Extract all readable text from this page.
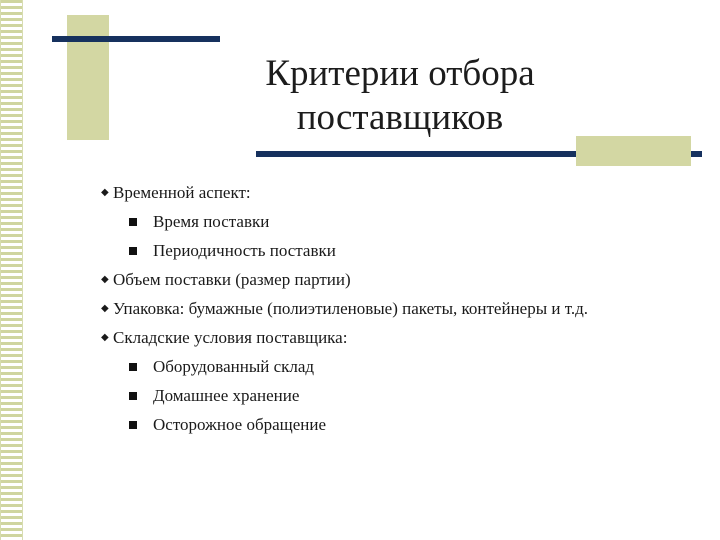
Критерии отбора
поставщиков
◆ Временной аспект:
Время поставки
Периодичность поставки
◆ Объем поставки (размер партии)
◆ Упаковка: бумажные (полиэтиленовые) пакеты, контейнеры и т.д.
◆ Складские условия поставщика:
Оборудованный склад
Домашнее хранение
Осторожное обращение
